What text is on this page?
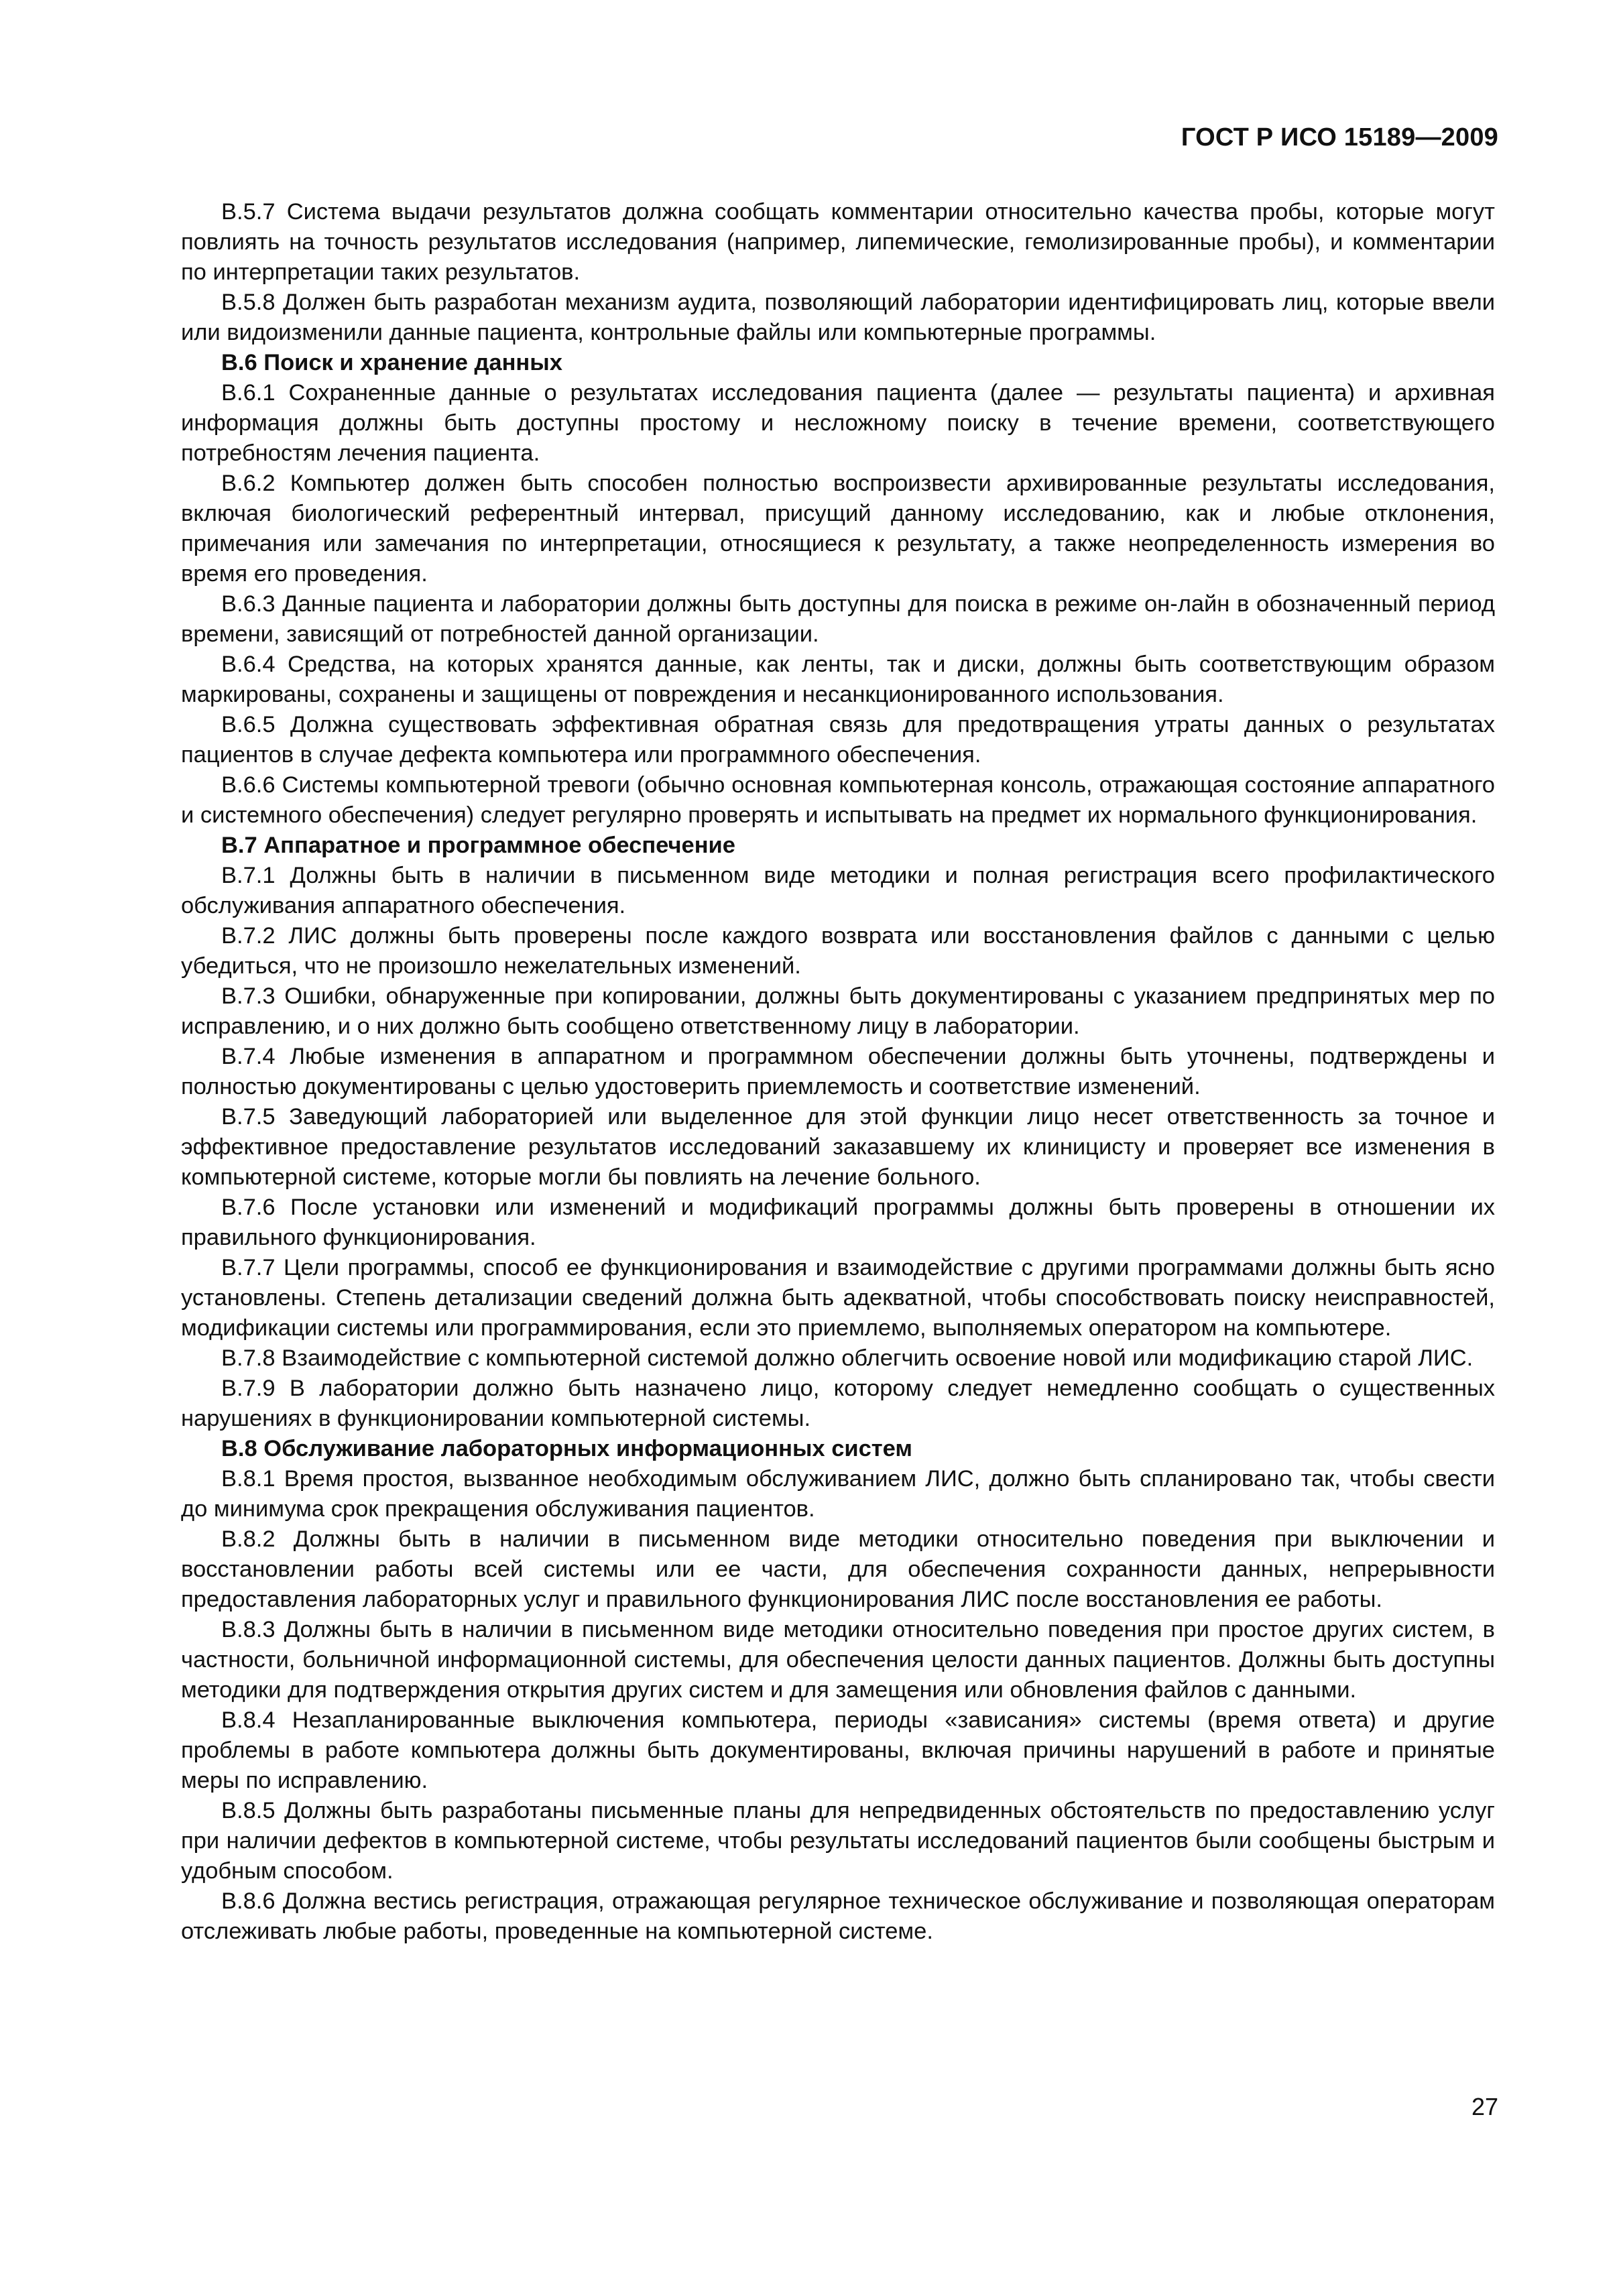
ГОСТ Р ИСО 15189—2009

В.5.7 Система выдачи результатов должна сообщать комментарии относительно качества пробы, которые могут повлиять на точность результатов исследования (например, липемические, гемолизированные пробы), и комментарии по интерпретации таких результатов.

В.5.8 Должен быть разработан механизм аудита, позволяющий лаборатории идентифицировать лиц, которые ввели или видоизменили данные пациента, контрольные файлы или компьютерные программы.

В.6 Поиск и хранение данных

В.6.1 Сохраненные данные о результатах исследования пациента (далее — результаты пациента) и архивная информация должны быть доступны простому и несложному поиску в течение времени, соответствующего потребностям лечения пациента.

В.6.2 Компьютер должен быть способен полностью воспроизвести архивированные результаты исследования, включая биологический референтный интервал, присущий данному исследованию, как и любые отклонения, примечания или замечания по интерпретации, относящиеся к результату, а также неопределенность измерения во время его проведения.

В.6.3 Данные пациента и лаборатории должны быть доступны для поиска в режиме он-лайн в обозначенный период времени, зависящий от потребностей данной организации.

В.6.4 Средства, на которых хранятся данные, как ленты, так и диски, должны быть соответствующим образом маркированы, сохранены и защищены от повреждения и несанкционированного использования.

В.6.5 Должна существовать эффективная обратная связь для предотвращения утраты данных о результатах пациентов в случае дефекта компьютера или программного обеспечения.

В.6.6 Системы компьютерной тревоги (обычно основная компьютерная консоль, отражающая состояние аппаратного и системного обеспечения) следует регулярно проверять и испытывать на предмет их нормального функционирования.

В.7 Аппаратное и программное обеспечение

В.7.1 Должны быть в наличии в письменном виде методики и полная регистрация всего профилактического обслуживания аппаратного обеспечения.

В.7.2 ЛИС должны быть проверены после каждого возврата или восстановления файлов с данными с целью убедиться, что не произошло нежелательных изменений.

В.7.3 Ошибки, обнаруженные при копировании, должны быть документированы с указанием предпринятых мер по исправлению, и о них должно быть сообщено ответственному лицу в лаборатории.

В.7.4 Любые изменения в аппаратном и программном обеспечении должны быть уточнены, подтверждены и полностью документированы с целью удостоверить приемлемость и соответствие изменений.

В.7.5 Заведующий лабораторией или выделенное для этой функции лицо несет ответственность за точное и эффективное предоставление результатов исследований заказавшему их клиницисту и проверяет все изменения в компьютерной системе, которые могли бы повлиять на лечение больного.

В.7.6 После установки или изменений и модификаций программы должны быть проверены в отношении их правильного функционирования.

В.7.7 Цели программы, способ ее функционирования и взаимодействие с другими программами должны быть ясно установлены. Степень детализации сведений должна быть адекватной, чтобы способствовать поиску неисправностей, модификации системы или программирования, если это приемлемо, выполняемых оператором на компьютере.

В.7.8 Взаимодействие с компьютерной системой должно облегчить освоение новой или модификацию старой ЛИС.

В.7.9 В лаборатории должно быть назначено лицо, которому следует немедленно сообщать о существенных нарушениях в функционировании компьютерной системы.

В.8 Обслуживание лабораторных информационных систем

В.8.1 Время простоя, вызванное необходимым обслуживанием ЛИС, должно быть спланировано так, чтобы свести до минимума срок прекращения обслуживания пациентов.

В.8.2 Должны быть в наличии в письменном виде методики относительно поведения при выключении и восстановлении работы всей системы или ее части, для обеспечения сохранности данных, непрерывности предоставления лабораторных услуг и правильного функционирования ЛИС после восстановления ее работы.

В.8.3 Должны быть в наличии в письменном виде методики относительно поведения при простое других систем, в частности, больничной информационной системы, для обеспечения целости данных пациентов. Должны быть доступны методики для подтверждения открытия других систем и для замещения или обновления файлов с данными.

В.8.4 Незапланированные выключения компьютера, периоды «зависания» системы (время ответа) и другие проблемы в работе компьютера должны быть документированы, включая причины нарушений в работе и принятые меры по исправлению.

В.8.5 Должны быть разработаны письменные планы для непредвиденных обстоятельств по предоставлению услуг при наличии дефектов в компьютерной системе, чтобы результаты исследований пациентов были сообщены быстрым и удобным способом.

В.8.6 Должна вестись регистрация, отражающая регулярное техническое обслуживание и позволяющая операторам отслеживать любые работы, проведенные на компьютерной системе.

27
